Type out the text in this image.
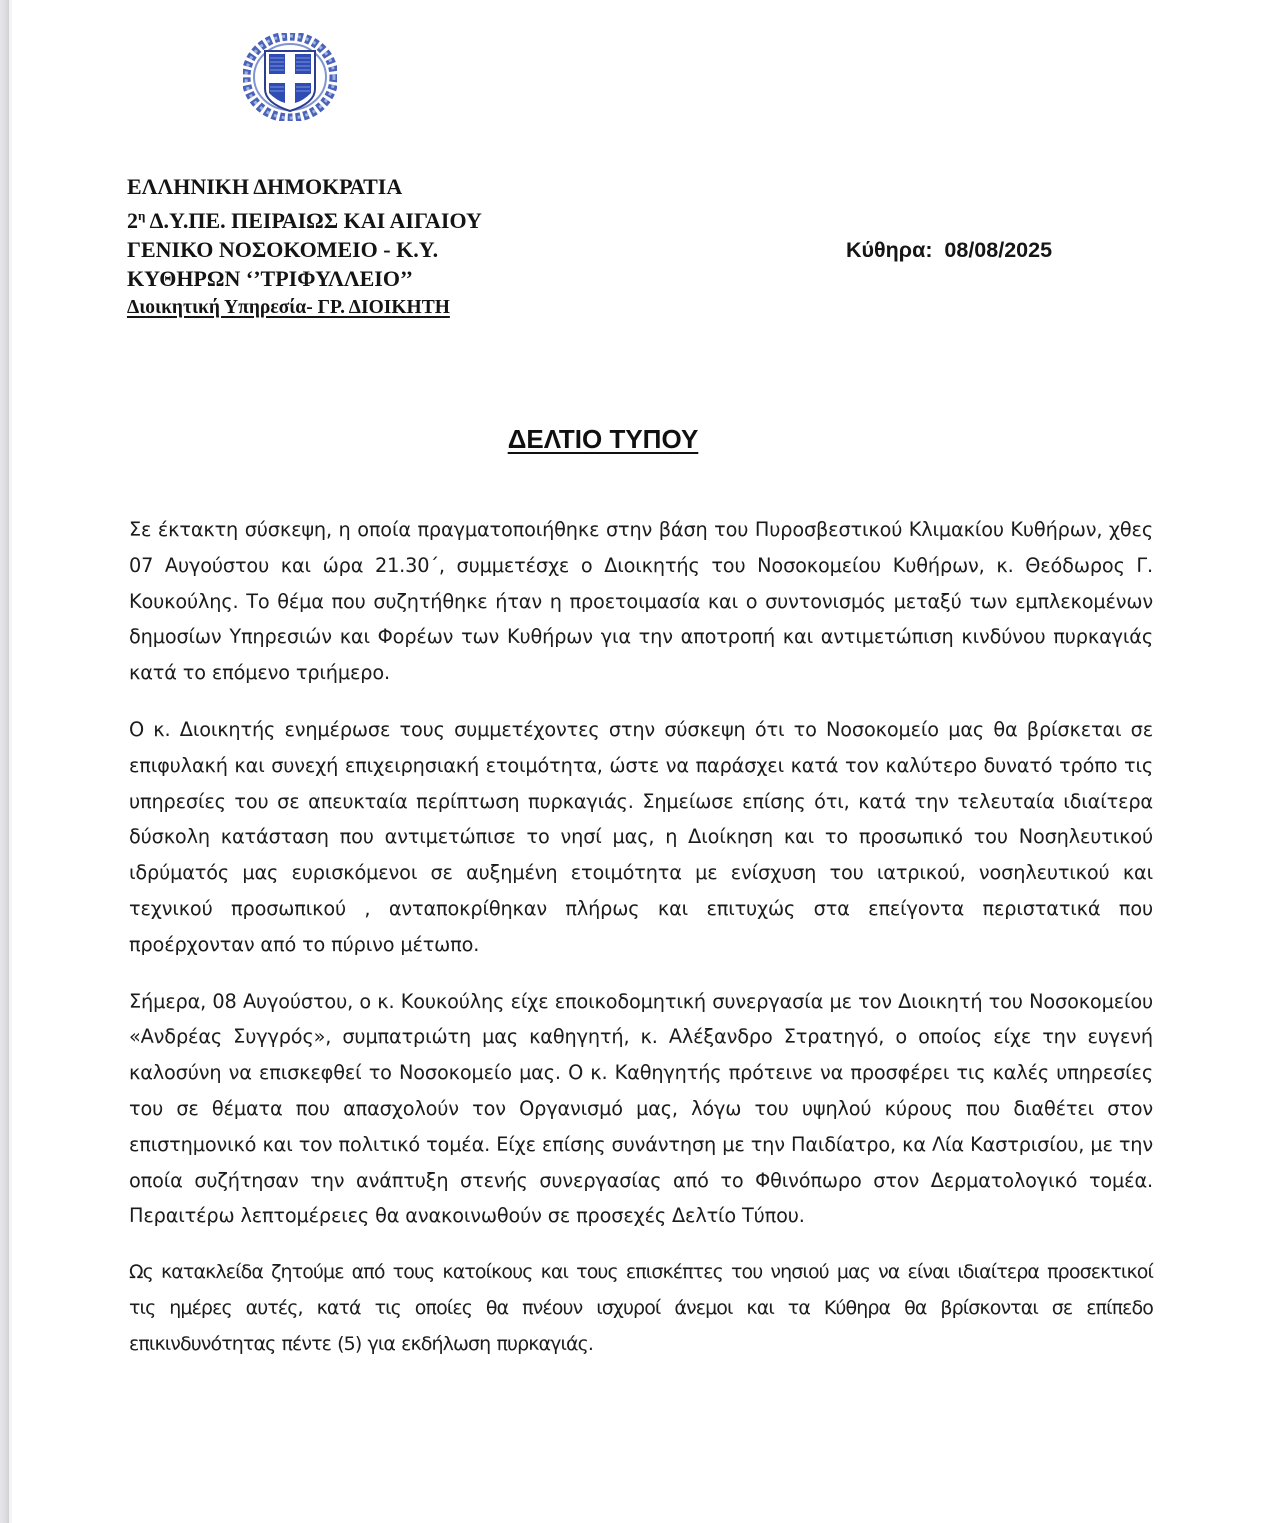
ΕΛΛΗΝΙΚΗ ΔΗΜΟΚΡΑΤΙΑ
$2^\eta$ Δ.Υ.ΠΕ. ΠΕΙΡΑΙΩΣ ΚΑΙ ΑΙΓΑΙΟΥ
ΓΕΝΙΚΟ ΝΟΣΟΚΟΜΕΙΟ - Κ.Υ.
ΚΥΘΗΡΩΝ ‘’ΤΡΙΦΥΛΛΕΙΟ’’
Διοικητική Υπηρεσία- ΓΡ. ΔΙΟΙΚΗΤΗ
Κύθηρα:  08/08/2025
ΔΕΛΤΙΟ ΤΥΠΟΥ

Σε έκτακτη σύσκεψη, η οποία πραγματοποιήθηκε στην βάση του Πυροσβεστικού Κλιμακίου Κυθήρων, χθες 07 Αυγούστου και ώρα 21.30΄, συμμετέσχε ο Διοικητής του Νοσοκομείου Κυθήρων, κ. Θεόδωρος Γ. Κουκούλης. Το θέμα που συζητήθηκε ήταν η προετοιμασία και ο συντονισμός μεταξύ των εμπλεκομένων δημοσίων Υπηρεσιών και Φορέων των Κυθήρων για την αποτροπή και αντιμετώπιση κινδύνου πυρκαγιάς κατά το επόμενο τριήμερο.

Ο κ. Διοικητής ενημέρωσε τους συμμετέχοντες στην σύσκεψη ότι το Νοσοκομείο μας θα βρίσκεται σε επιφυλακή και συνεχή επιχειρησιακή ετοιμότητα, ώστε να παράσχει κατά τον καλύτερο δυνατό τρόπο τις υπηρεσίες του σε απευκταία περίπτωση πυρκαγιάς. Σημείωσε επίσης ότι, κατά την τελευταία ιδιαίτερα δύσκολη κατάσταση που αντιμετώπισε το νησί μας, η Διοίκηση και το προσωπικό του Νοσηλευτικού ιδρύματός μας ευρισκόμενοι σε αυξημένη ετοιμότητα με ενίσχυση του ιατρικού, νοσηλευτικού και τεχνικού προσωπικού , ανταποκρίθηκαν πλήρως και επιτυχώς στα επείγοντα περιστατικά που προέρχονταν από το πύρινο μέτωπο.

Σήμερα, 08 Αυγούστου, ο κ. Κουκούλης είχε εποικοδομητική συνεργασία με τον Διοικητή του Νοσοκομείου «Ανδρέας Συγγρός», συμπατριώτη μας καθηγητή, κ. Αλέξανδρο Στρατηγό, ο οποίος είχε την ευγενή καλοσύνη να επισκεφθεί το Νοσοκομείο μας. Ο κ. Καθηγητής πρότεινε να προσφέρει τις καλές υπηρεσίες του σε θέματα που απασχολούν τον Οργανισμό μας, λόγω του υψηλού κύρους που διαθέτει στον επιστημονικό και τον πολιτικό τομέα. Είχε επίσης συνάντηση με την Παιδίατρο, κα Λία Καστρισίου, με την οποία συζήτησαν την ανάπτυξη στενής συνεργασίας από το Φθινόπωρο στον Δερματολογικό τομέα. Περαιτέρω λεπτομέρειες θα ανακοινωθούν σε προσεχές Δελτίο Τύπου.

Ως κατακλείδα ζητούμε από τους κατοίκους και τους επισκέπτες του νησιού μας να είναι ιδιαίτερα προσεκτικοί τις ημέρες αυτές, κατά τις οποίες θα πνέουν ισχυροί άνεμοι και τα Κύθηρα θα βρίσκονται σε επίπεδο επικινδυνότητας πέντε (5) για εκδήλωση πυρκαγιάς.
